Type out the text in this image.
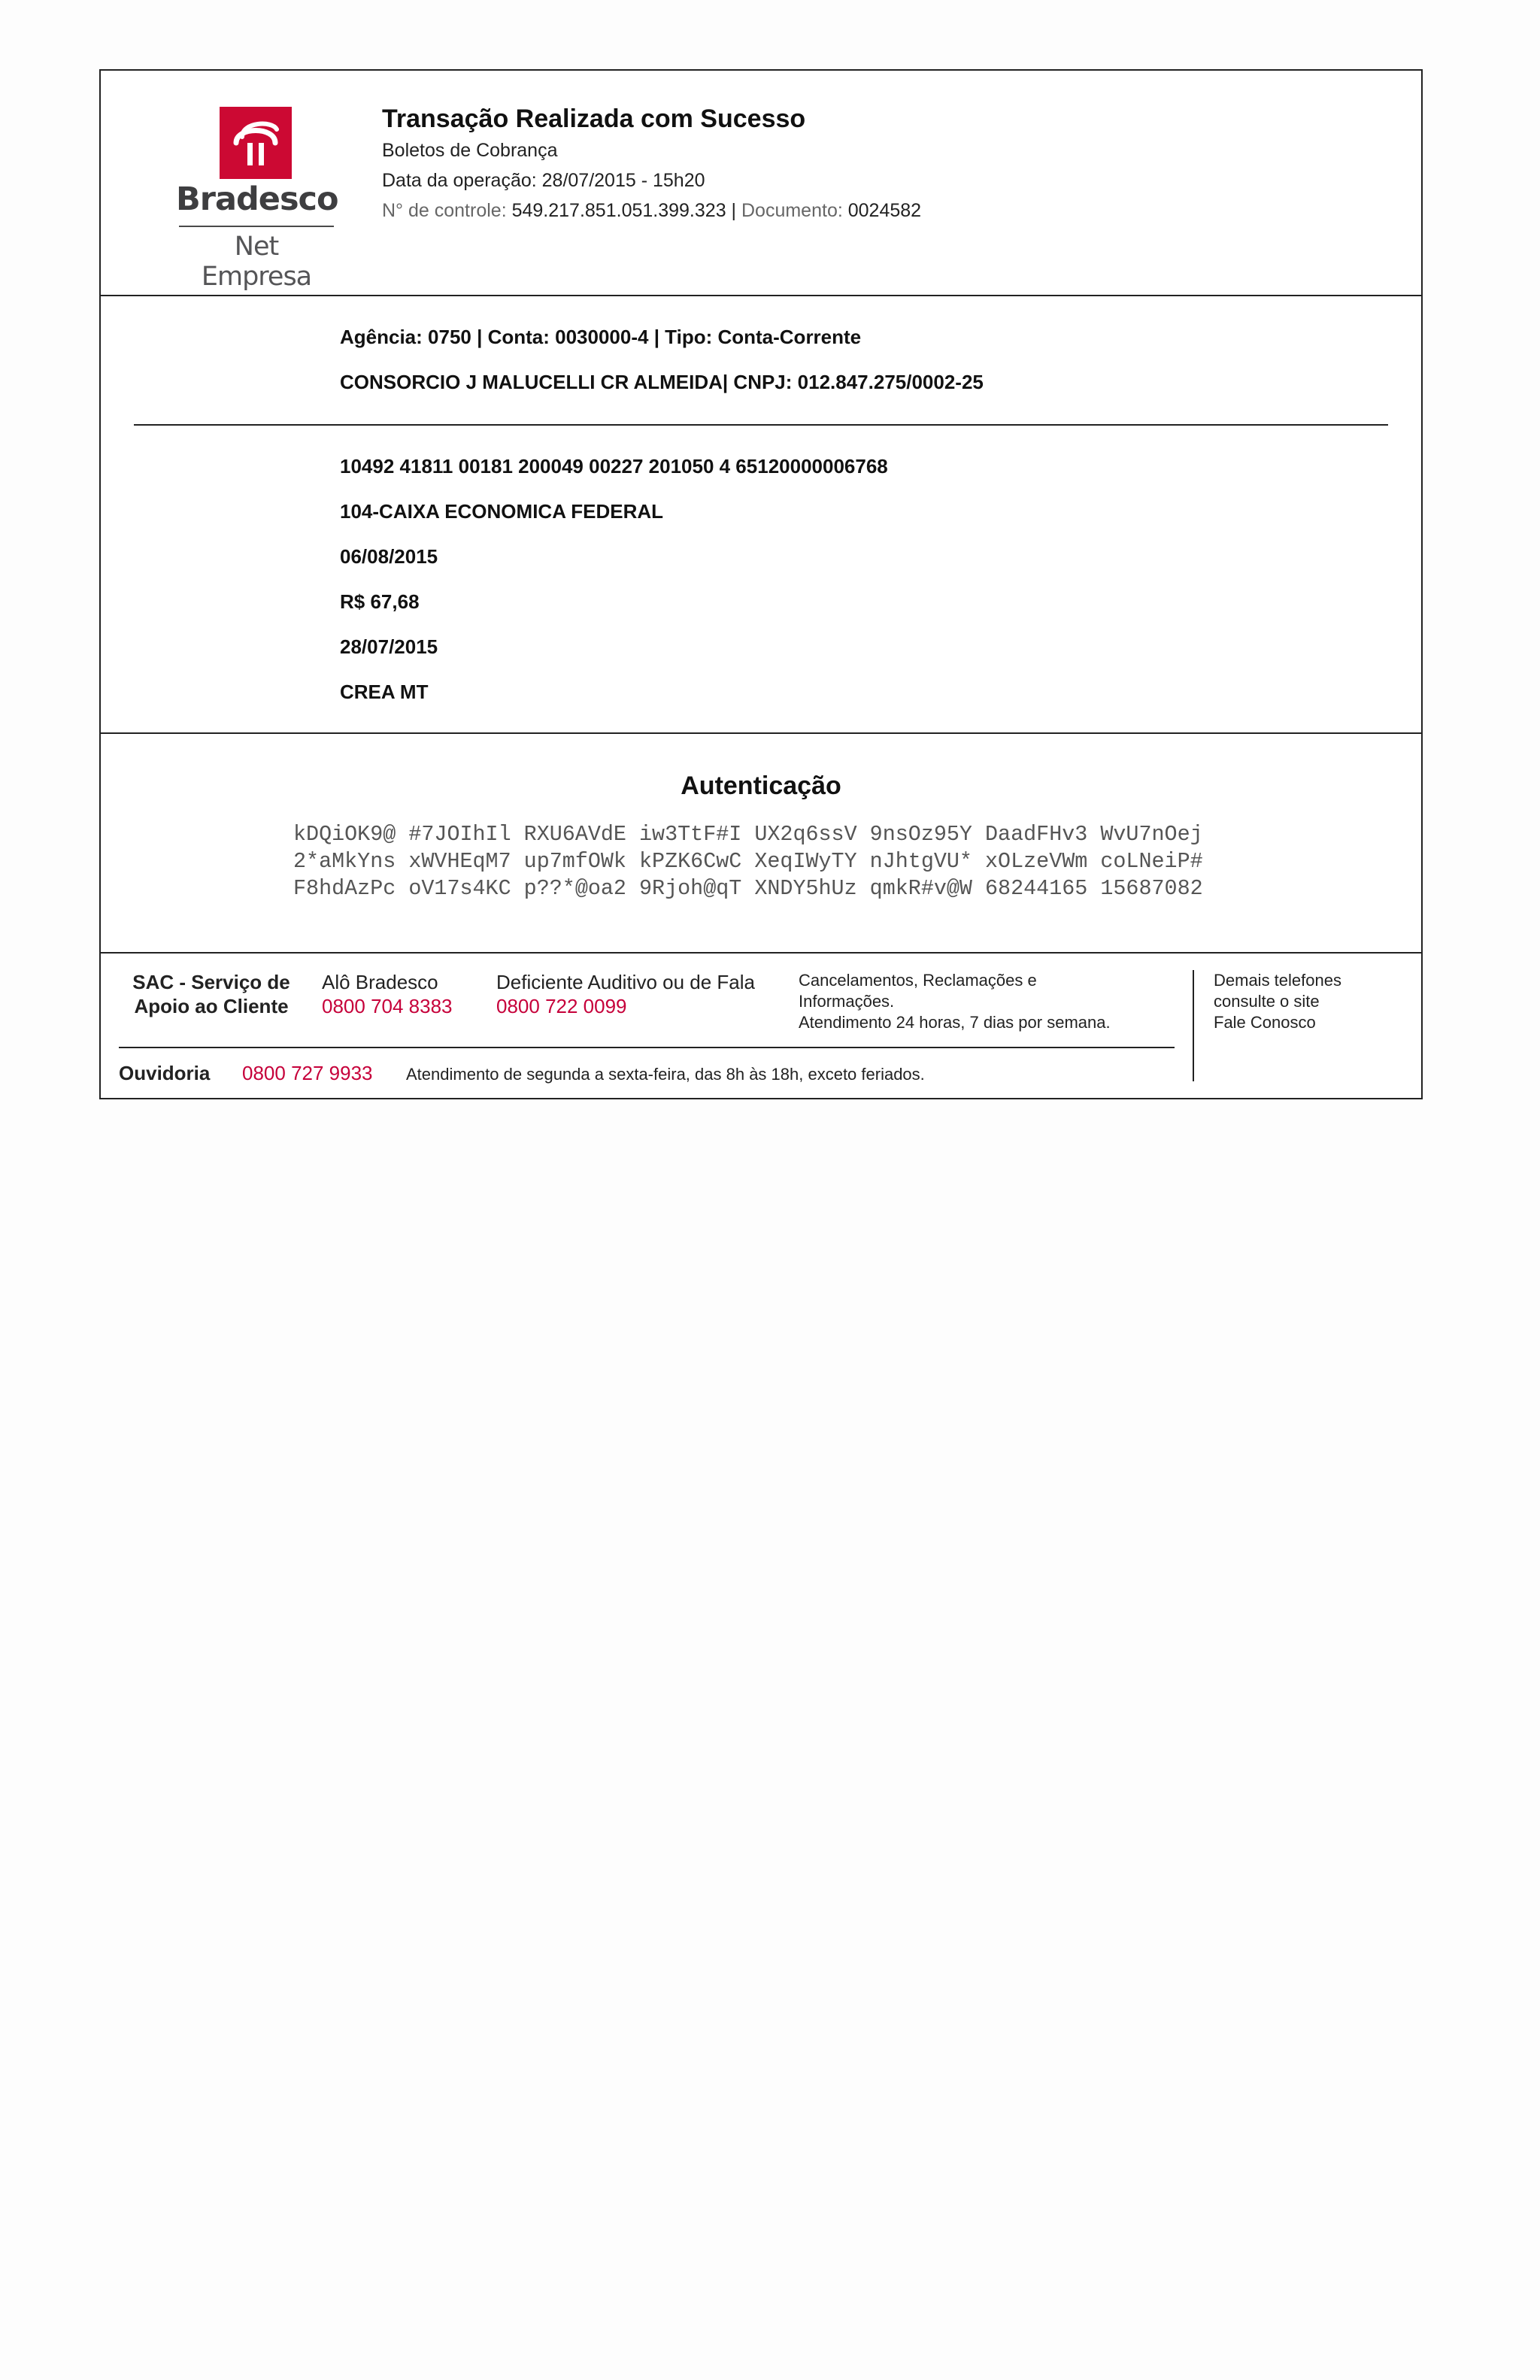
Bradesco
Net Empresa
Transação Realizada com Sucesso
Boletos de Cobrança
Data da operação: 28/07/2015 - 15h20
N° de controle: 549.217.851.051.399.323 | Documento: 0024582
Agência: 0750 | Conta: 0030000-4 | Tipo: Conta-Corrente
CONSORCIO J MALUCELLI CR ALMEIDA| CNPJ: 012.847.275/0002-25
10492 41811 00181 200049 00227 201050 4 65120000006768
104-CAIXA ECONOMICA FEDERAL
06/08/2015
R$ 67,68
28/07/2015
CREA MT
Autenticação
kDQiOK9@ #7JOIhIl RXU6AVdE iw3TtF#I UX2q6ssV 9nsOz95Y DaadFHv3 WvU7nOej
2*aMkYns xWVHEqM7 up7mfOWk kPZK6CwC XeqIWyTY nJhtgVU* xOLzeVWm coLNeiP#
F8hdAzPc oV17s4KC p??*@oa2 9Rjoh@qT XNDY5hUz qmkR#v@W 68244165 15687082
SAC - Serviço de
Apoio ao Cliente
Alô Bradesco
0800 704 8383
Deficiente Auditivo ou de Fala
0800 722 0099
Cancelamentos, Reclamações e
Informações.
Atendimento 24 horas, 7 dias por semana.
Demais telefones
consulte o site
Fale Conosco
Ouvidoria 0800 727 9933 Atendimento de segunda a sexta-feira, das 8h às 18h, exceto feriados.
